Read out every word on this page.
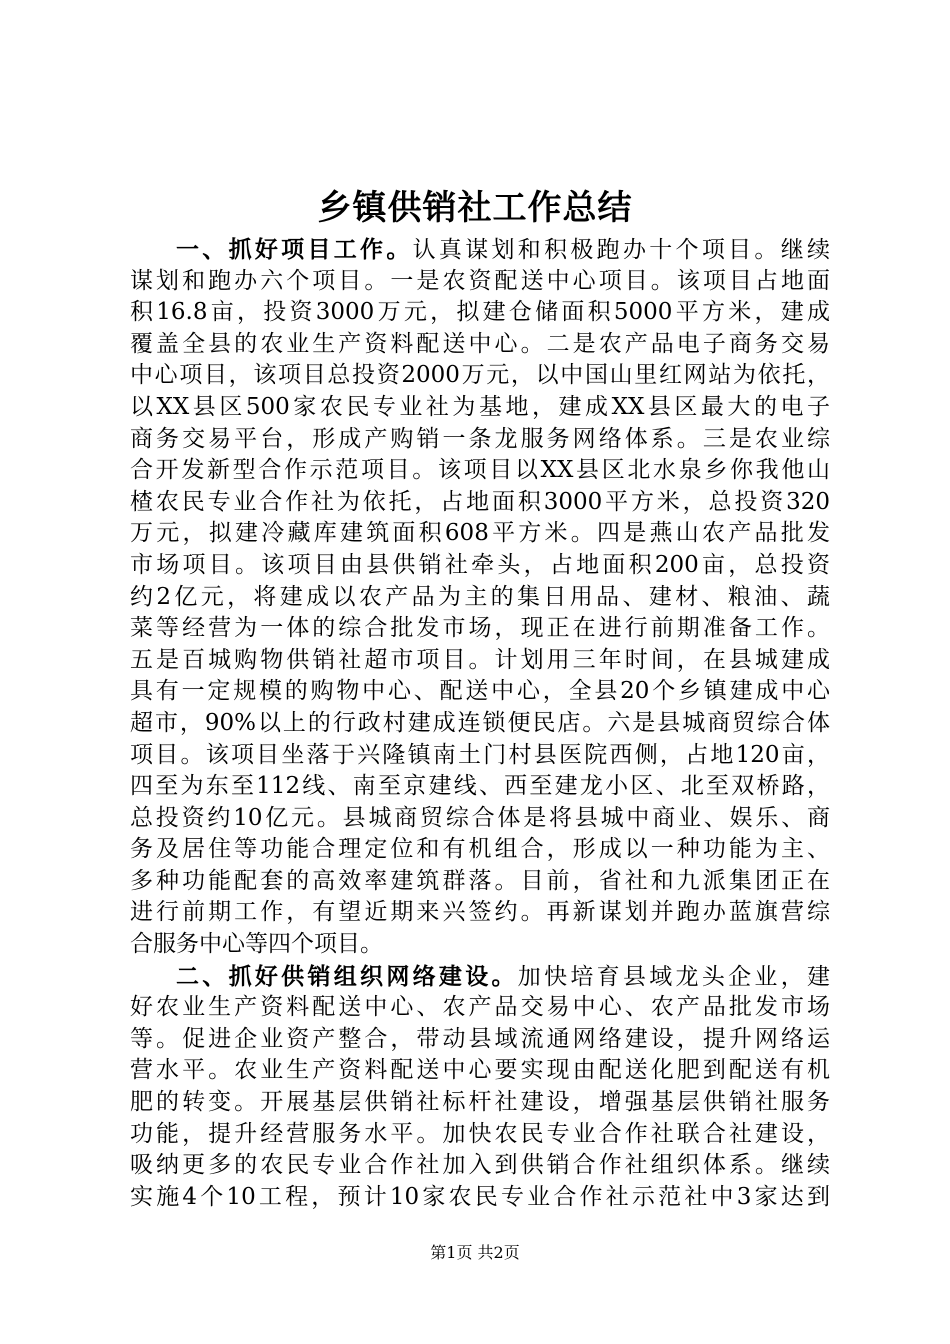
乡镇供销社工作总结
一、抓好项目工作。认真谋划和积极跑办十个项目。继续
谋划和跑办六个项目。一是农资配送中心项目。该项目占地面
积16.8亩，投资3000万元，拟建仓储面积5000平方米，建成
覆盖全县的农业生产资料配送中心。二是农产品电子商务交易
中心项目，该项目总投资2000万元，以中国山里红网站为依托，
以XX县区500家农民专业社为基地，建成XX县区最大的电子
商务交易平台，形成产购销一条龙服务网络体系。三是农业综
合开发新型合作示范项目。该项目以XX县区北水泉乡你我他山
楂农民专业合作社为依托，占地面积3000平方米，总投资320
万元，拟建冷藏库建筑面积608平方米。四是燕山农产品批发
市场项目。该项目由县供销社牵头，占地面积200亩，总投资
约2亿元，将建成以农产品为主的集日用品、建材、粮油、蔬
菜等经营为一体的综合批发市场，现正在进行前期准备工作。
五是百城购物供销社超市项目。计划用三年时间，在县城建成
具有一定规模的购物中心、配送中心，全县20个乡镇建成中心
超市，90%以上的行政村建成连锁便民店。六是县城商贸综合体
项目。该项目坐落于兴隆镇南土门村县医院西侧，占地120亩，
四至为东至112线、南至京建线、西至建龙小区、北至双桥路，
总投资约10亿元。县城商贸综合体是将县城中商业、娱乐、商
务及居住等功能合理定位和有机组合，形成以一种功能为主、
多种功能配套的高效率建筑群落。目前，省社和九派集团正在
进行前期工作，有望近期来兴签约。再新谋划并跑办蓝旗营综
合服务中心等四个项目。
二、抓好供销组织网络建设。加快培育县域龙头企业，建
好农业生产资料配送中心、农产品交易中心、农产品批发市场
等。促进企业资产整合，带动县域流通网络建设，提升网络运
营水平。农业生产资料配送中心要实现由配送化肥到配送有机
肥的转变。开展基层供销社标杆社建设，增强基层供销社服务
功能，提升经营服务水平。加快农民专业合作社联合社建设，
吸纳更多的农民专业合作社加入到供销合作社组织体系。继续
实施4个10工程，预计10家农民专业合作社示范社中3家达到
第1页 共2页
